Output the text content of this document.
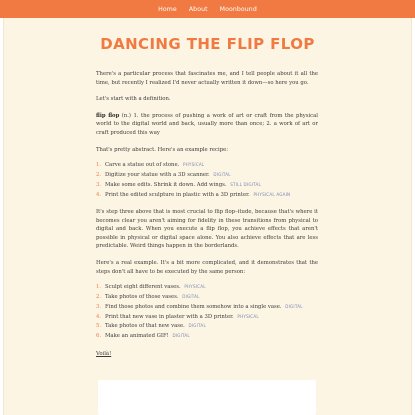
Home About Moonbound
DANCING THE FLIP FLOP

There's a particular process that fascinates me, and I tell people about it all the time, but recently I realized I'd never actually written it down—so here you go.

Let's start with a definition.

flip flop (n.) 1. the process of pushing a work of art or craft from the physical world to the digital world and back, usually more than once; 2. a work of art or craft produced this way

That's pretty abstract. Here's an example recipe:

1. Carve a statue out of stone. PHYSICAL
2. Digitize your statue with a 3D scanner. DIGITAL
3. Make some edits. Shrink it down. Add wings. STILL DIGITAL
4. Print the edited sculpture in plastic with a 3D printer. PHYSICAL AGAIN

It's step three above that is most crucial to flip flop–itude, because that's where it becomes clear you aren't aiming for fidelity in these transitions from physical to digital and back. When you execute a flip flop, you achieve effects that aren't possible in physical or digital space alone. You also achieve effects that are less predictable. Weird things happen in the borderlands.

Here's a real example. It's a bit more complicated, and it demonstrates that the steps don't all have to be executed by the same person:

1. Sculpt eight different vases. PHYSICAL
2. Take photos of those vases. DIGITAL
3. Find those photos and combine them somehow into a single vase. DIGITAL
4. Print that new vase in plaster with a 3D printer. PHYSICAL
5. Take photos of that new vase. DIGITAL
6. Make an animated GIF! DIGITAL

Voilà!
